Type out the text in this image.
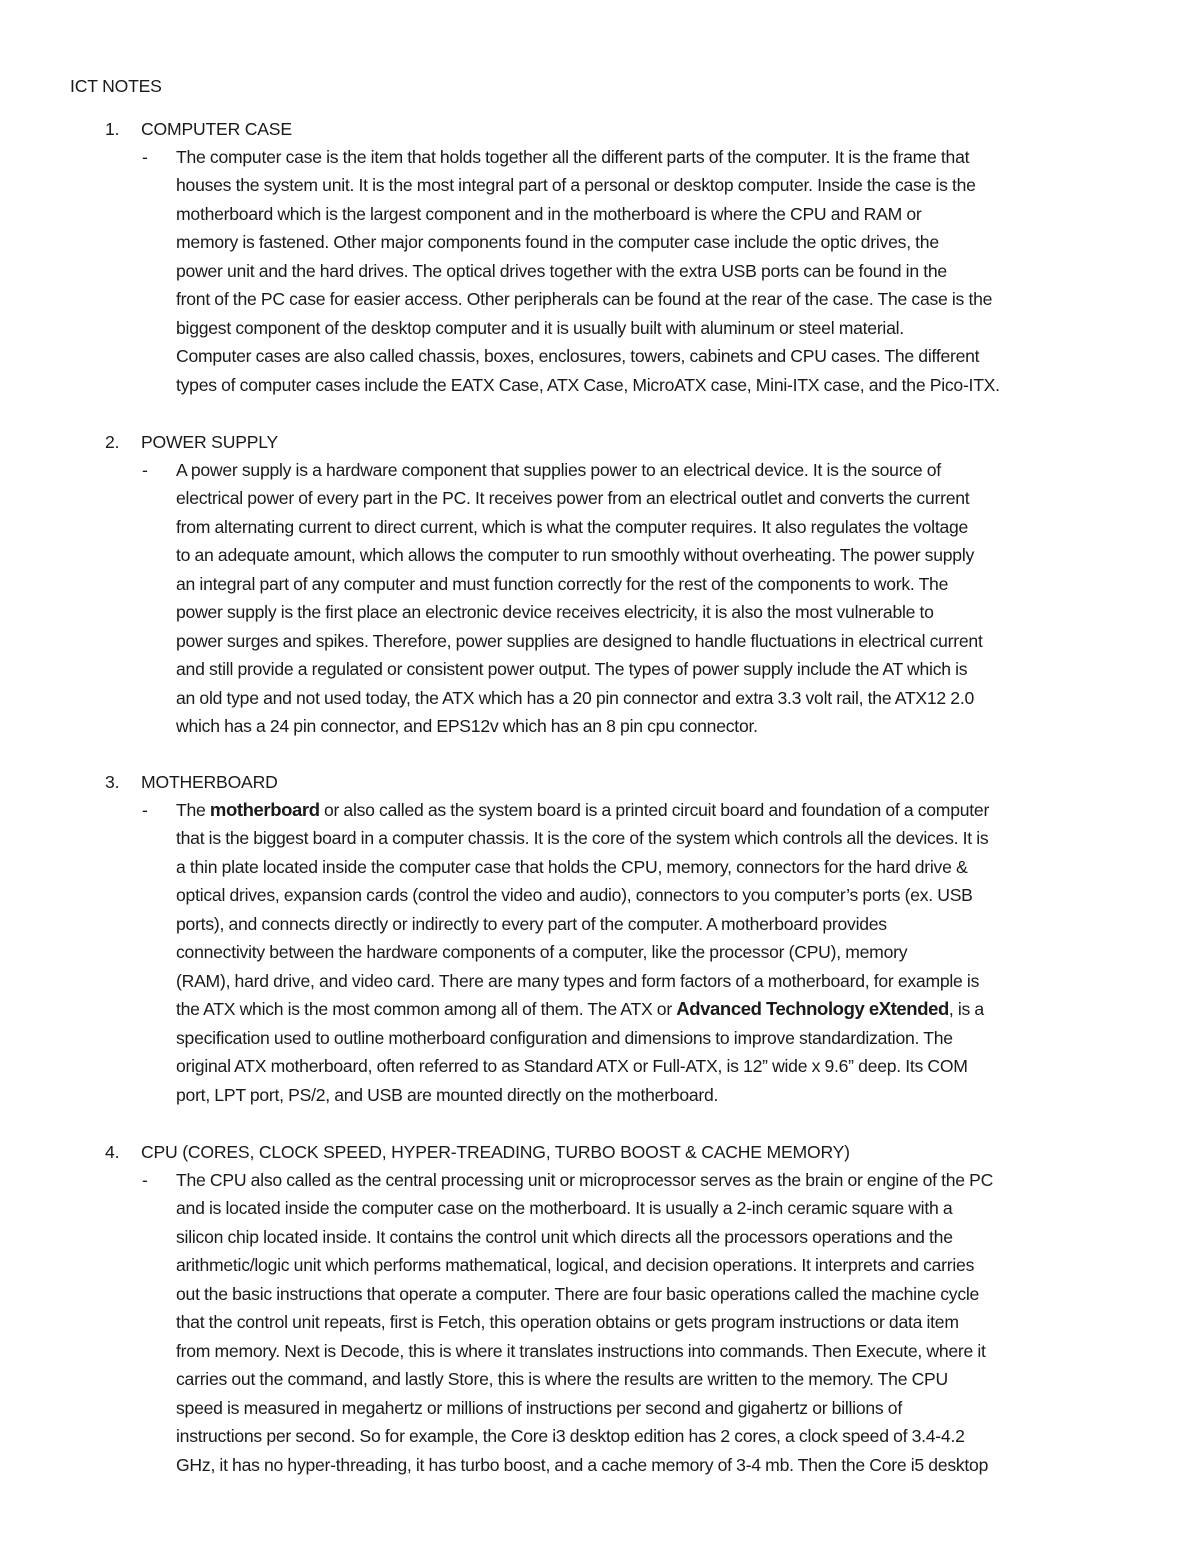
ICT NOTES
1. COMPUTER CASE
- The computer case is the item that holds together all the different parts of the computer. It is the frame that
houses the system unit. It is the most integral part of a personal or desktop computer. Inside the case is the
motherboard which is the largest component and in the motherboard is where the CPU and RAM or
memory is fastened. Other major components found in the computer case include the optic drives, the
power unit and the hard drives. The optical drives together with the extra USB ports can be found in the
front of the PC case for easier access. Other peripherals can be found at the rear of the case. The case is the
biggest component of the desktop computer and it is usually built with aluminum or steel material.
Computer cases are also called chassis, boxes, enclosures, towers, cabinets and CPU cases. The different
types of computer cases include the EATX Case, ATX Case, MicroATX case, Mini-ITX case, and the Pico-ITX.
2. POWER SUPPLY
- A power supply is a hardware component that supplies power to an electrical device. It is the source of
electrical power of every part in the PC. It receives power from an electrical outlet and converts the current
from alternating current to direct current, which is what the computer requires. It also regulates the voltage
to an adequate amount, which allows the computer to run smoothly without overheating. The power supply
an integral part of any computer and must function correctly for the rest of the components to work. The
power supply is the first place an electronic device receives electricity, it is also the most vulnerable to
power surges and spikes. Therefore, power supplies are designed to handle fluctuations in electrical current
and still provide a regulated or consistent power output. The types of power supply include the AT which is
an old type and not used today, the ATX which has a 20 pin connector and extra 3.3 volt rail, the ATX12 2.0
which has a 24 pin connector, and EPS12v which has an 8 pin cpu connector.
3. MOTHERBOARD
- The motherboard or also called as the system board is a printed circuit board and foundation of a computer
that is the biggest board in a computer chassis. It is the core of the system which controls all the devices. It is
a thin plate located inside the computer case that holds the CPU, memory, connectors for the hard drive &
optical drives, expansion cards (control the video and audio), connectors to you computer’s ports (ex. USB
ports), and connects directly or indirectly to every part of the computer. A motherboard provides
connectivity between the hardware components of a computer, like the processor (CPU), memory
(RAM), hard drive, and video card. There are many types and form factors of a motherboard, for example is
the ATX which is the most common among all of them. The ATX or Advanced Technology eXtended, is a
specification used to outline motherboard configuration and dimensions to improve standardization. The
original ATX motherboard, often referred to as Standard ATX or Full-ATX, is 12” wide x 9.6” deep. Its COM
port, LPT port, PS/2, and USB are mounted directly on the motherboard.
4. CPU (CORES, CLOCK SPEED, HYPER-TREADING, TURBO BOOST & CACHE MEMORY)
- The CPU also called as the central processing unit or microprocessor serves as the brain or engine of the PC
and is located inside the computer case on the motherboard. It is usually a 2-inch ceramic square with a
silicon chip located inside. It contains the control unit which directs all the processors operations and the
arithmetic/logic unit which performs mathematical, logical, and decision operations. It interprets and carries
out the basic instructions that operate a computer. There are four basic operations called the machine cycle
that the control unit repeats, first is Fetch, this operation obtains or gets program instructions or data item
from memory. Next is Decode, this is where it translates instructions into commands. Then Execute, where it
carries out the command, and lastly Store, this is where the results are written to the memory. The CPU
speed is measured in megahertz or millions of instructions per second and gigahertz or billions of
instructions per second. So for example, the Core i3 desktop edition has 2 cores, a clock speed of 3.4-4.2
GHz, it has no hyper-threading, it has turbo boost, and a cache memory of 3-4 mb. Then the Core i5 desktop
